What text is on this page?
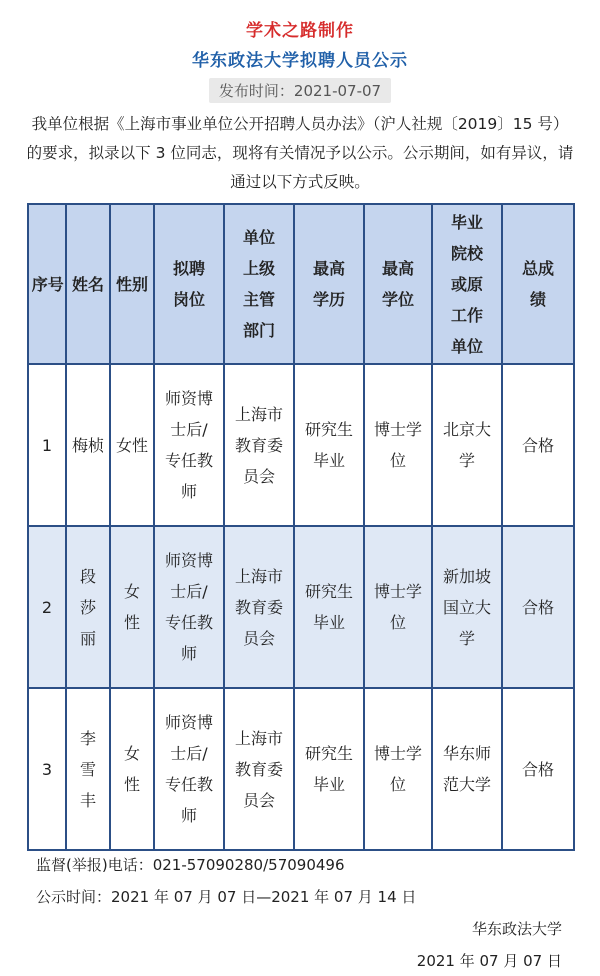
学术之路制作
华东政法大学拟聘人员公示
发布时间：2021-07-07
我单位根据《上海市事业单位公开招聘人员办法》（沪人社规〔2019〕15 号）的要求，拟录以下 3 位同志，现将有关情况予以公示。公示期间，如有异议，请通过以下方式反映。
序号	姓名	性别	拟聘岗位	单位上级主管部门	最高学历	最高学位	毕业院校或原工作单位	总成绩
1	梅桢	女性	师资博士后/专任教师	上海市教育委员会	研究生毕业	博士学位	北京大学	合格
2	段莎丽	女性	师资博士后/专任教师	上海市教育委员会	研究生毕业	博士学位	新加坡国立大学	合格
3	李雪丰	女性	师资博士后/专任教师	上海市教育委员会	研究生毕业	博士学位	华东师范大学	合格
监督(举报)电话：021-57090280/57090496
公示时间：2021 年 07 月 07 日—2021 年 07 月 14 日
华东政法大学
2021 年 07 月 07 日
